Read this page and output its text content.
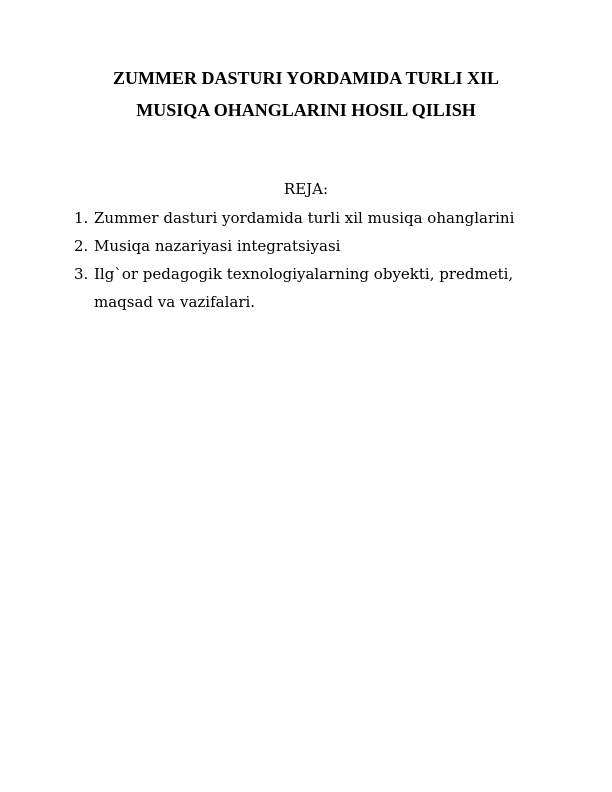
ZUMMER DASTURI YORDAMIDA TURLI XIL
MUSIQA OHANGLARINI HOSIL QILISH

REJA:

1. Zummer dasturi yordamida turli xil musiqa ohanglarini
2. Musiqa nazariyasi integratsiyasi
3. Ilg`or pedagogik texnologiyalarning obyekti, predmeti, maqsad va vazifalari.
